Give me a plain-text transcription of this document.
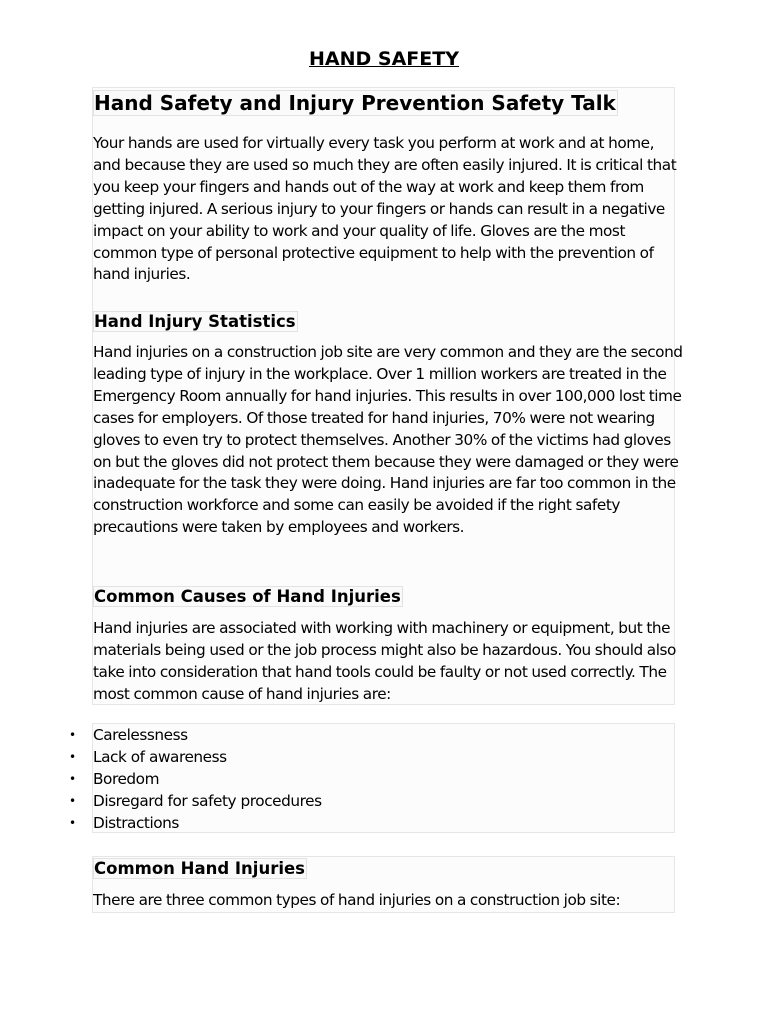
HAND SAFETY
Hand Safety and Injury Prevention Safety Talk

Your hands are used for virtually every task you perform at work and at home, and because they are used so much they are often easily injured. It is critical that you keep your fingers and hands out of the way at work and keep them from getting injured. A serious injury to your fingers or hands can result in a negative impact on your ability to work and your quality of life. Gloves are the most common type of personal protective equipment to help with the prevention of hand injuries.

Hand Injury Statistics

Hand injuries on a construction job site are very common and they are the second leading type of injury in the workplace. Over 1 million workers are treated in the Emergency Room annually for hand injuries. This results in over 100,000 lost time cases for employers. Of those treated for hand injuries, 70% were not wearing gloves to even try to protect themselves. Another 30% of the victims had gloves on but the gloves did not protect them because they were damaged or they were inadequate for the task they were doing. Hand injuries are far too common in the construction workforce and some can easily be avoided if the right safety precautions were taken by employees and workers.

Common Causes of Hand Injuries

Hand injuries are associated with working with machinery or equipment, but the materials being used or the job process might also be hazardous. You should also take into consideration that hand tools could be faulty or not used correctly. The most common cause of hand injuries are:

• Carelessness
• Lack of awareness
• Boredom
• Disregard for safety procedures
• Distractions
Common Hand Injuries

There are three common types of hand injuries on a construction job site:
